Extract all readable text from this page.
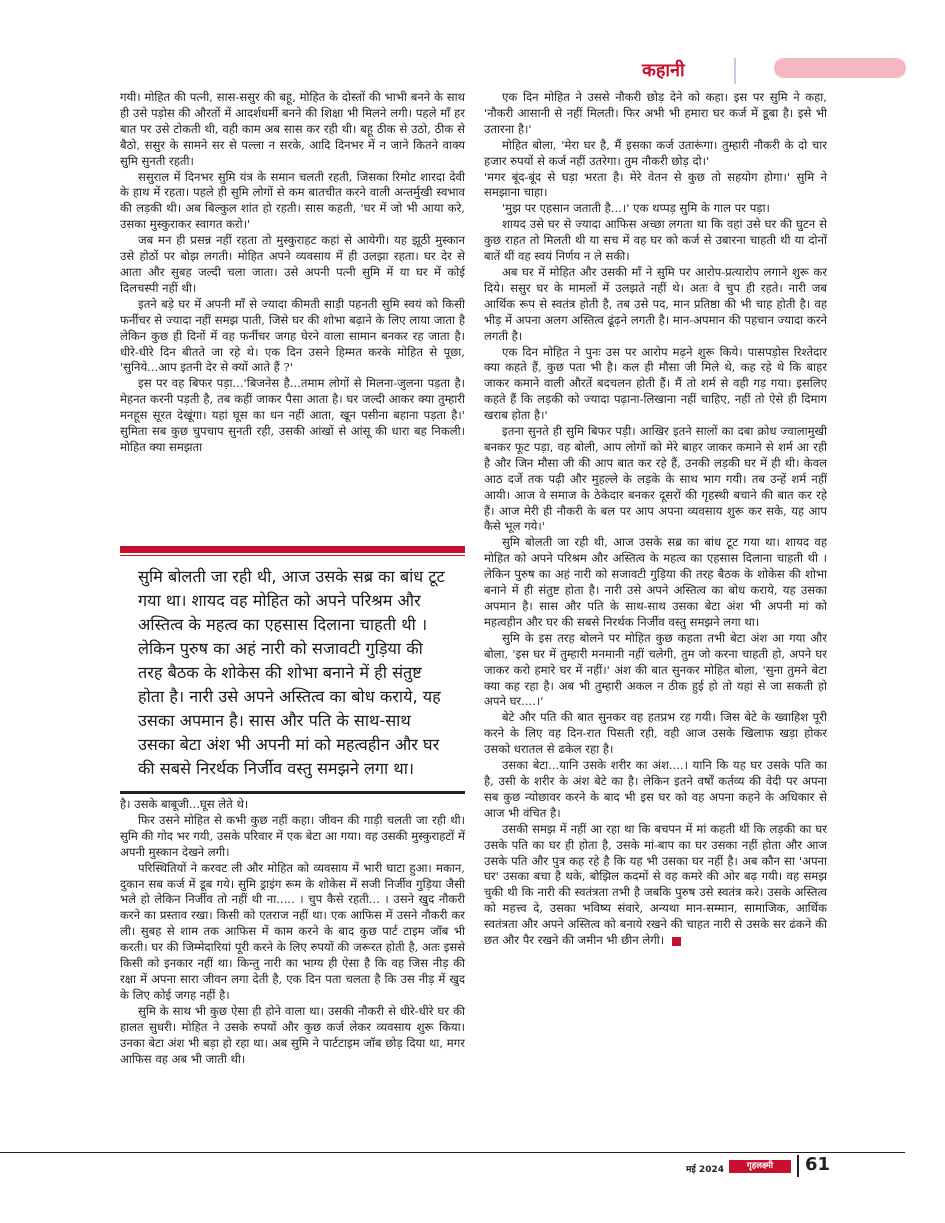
कहानी

गयी। मोहित की पत्नी, सास-ससुर की बहू, मोहित के दोस्तों की भाभी बनने के साथ ही उसे पड़ोस की औरतों में आदर्शधर्मी बनने की शिक्षा भी मिलने लगी। पहले माँ हर बात पर उसे टोकती थी, वही काम अब सास कर रही थी। बहू ठीक से उठो, ठीक से बैठो, ससुर के सामने सर से पल्ला न सरके, आदि दिनभर में न जाने कितने वाक्य सुमि सुनती रहती।

ससुराल में दिनभर सुमि यंत्र के समान चलती रहती, जिसका रिमोट शारदा देवी के हाथ में रहता। पहले ही सुमि लोगों से कम बातचीत करने वाली अन्तर्मुखी स्वभाव की लड़की थी। अब बिल्कुल शांत हो रहती। सास कहती, 'घर में जो भी आया करे, उसका मुस्कुराकर स्वागत करो।'

जब मन ही प्रसन्न नहीं रहता तो मुस्कुराहट कहां से आयेगी। यह झूठी मुस्कान उसे होठों पर बोझ लगती। मोहित अपने व्यवसाय में ही उलझा रहता। घर देर से आता और सुबह जल्दी चला जाता। उसे अपनी पत्नी सुमि में या घर में कोई दिलचस्पी नहीं थी।

इतने बड़े घर में अपनी माँ से ज्यादा कीमती साड़ी पहनती सुमि स्वयं को किसी फर्नीचर से ज्यादा नहीं समझ पाती, जिसे घर की शोभा बढ़ाने के लिए लाया जाता है लेकिन कुछ ही दिनों में वह फर्नीचर जगह घेरने वाला सामान बनकर रह जाता है। धीरे-धीरे दिन बीतते जा रहे थे। एक दिन उसने हिम्मत करके मोहित से पूछा, 'सुनिये...आप इतनी देर से क्यों आते हैं ?'

इस पर वह बिफर पड़ा...'बिजनेस है...तमाम लोगों से मिलना-जुलना पड़ता है। मेहनत करनी पड़ती है, तब कहीं जाकर पैसा आता है। घर जल्दी आकर क्या तुम्हारी मनहूस सूरत देखूंगा। यहां घूस का धन नहीं आता, खून पसीना बहाना पड़ता है।' सुमिता सब कुछ चुपचाप सुनती रही, उसकी आंखों से आंसू की धारा बह निकली। मोहित क्या समझता

सुमि बोलती जा रही थी, आज उसके सब्र का बांध टूट गया था। शायद वह मोहित को अपने परिश्रम और अस्तित्व के महत्व का एहसास दिलाना चाहती थी । लेकिन पुरुष का अहं नारी को सजावटी गुड़िया की तरह बैठक के शोकेस की शोभा बनाने में ही संतुष्ट होता है। नारी उसे अपने अस्तित्व का बोध कराये, यह उसका अपमान है। सास और पति के साथ-साथ उसका बेटा अंश भी अपनी मां को महत्वहीन और घर की सबसे निरर्थक निर्जीव वस्तु समझने लगा था।

है। उसके बाबूजी...घूस लेते थे।

फिर उसने मोहित से कभी कुछ नहीं कहा। जीवन की गाड़ी चलती जा रही थी। सुमि की गोद भर गयी, उसके परिवार में एक बेटा आ गया। वह उसकी मुस्कुराहटों में अपनी मुस्कान देखने लगी।

परिस्थितियों ने करवट ली और मोहित को व्यवसाय में भारी घाटा हुआ। मकान, दुकान सब कर्ज में डूब गये। सुमि ड्राइंग रूम के शोकेस में सजी निर्जीव गुड़िया जैसी भले हो लेकिन निर्जीव तो नहीं थी ना..... । चुप कैसे रहती... । उसने खुद नौकरी करने का प्रस्ताव रखा। किसी को एतराज नहीं था। एक आफिस में उसने नौकरी कर ली। सुबह से शाम तक आफिस में काम करने के बाद कुछ पार्ट टाइम जॉब भी करती। घर की जिम्मेदारियां पूरी करने के लिए रुपयों की जरूरत होती है, अतः इससे किसी को इनकार नहीं था। किन्तु नारी का भाग्य ही ऐसा है कि वह जिस नीड़ की रक्षा में अपना सारा जीवन लगा देती है, एक दिन पता चलता है कि उस नीड़ में खुद के लिए कोई जगह नहीं है।

सुमि के साथ भी कुछ ऐसा ही होने वाला था। उसकी नौकरी से धीरे-धीरे घर की हालत सुधरी। मोहित ने उसके रुपयों और कुछ कर्ज लेकर व्यवसाय शुरू किया। उनका बेटा अंश भी बड़ा हो रहा था। अब सुमि ने पार्टटाइम जॉब छोड़ दिया था, मगर आफिस वह अब भी जाती थी।

एक दिन मोहित ने उससे नौकरी छोड़ देने को कहा। इस पर सुमि ने कहा, 'नौकरी आसानी से नहीं मिलती। फिर अभी भी हमारा घर कर्ज में डूबा है। इसे भी उतारना है।'

मोहित बोला, 'मेरा घर है, मैं इसका कर्ज उतारूंगा। तुम्हारी नौकरी के दो चार हजार रुपयों से कर्ज नहीं उतरेगा। तुम नौकरी छोड़ दो।'

'मगर बूंद-बूंद से घड़ा भरता है। मेरे वेतन से कुछ तो सहयोग होगा।' सुमि ने समझाना चाहा।

'मुझ पर एहसान जताती है...।' एक थप्पड़ सुमि के गाल पर पड़ा।

शायद उसे घर से ज्यादा आफिस अच्छा लगता था कि वहां उसे घर की घुटन से कुछ राहत तो मिलती थी या सच में वह घर को कर्ज से उबारना चाहती थी या दोनों बातें थीं वह स्वयं निर्णय न ले सकी।

अब घर में मोहित और उसकी माँ ने सुमि पर आरोप-प्रत्यारोप लगाने शुरू कर दिये। ससुर घर के मामलों में उलझते नहीं थे। अतः वे चुप ही रहते। नारी जब आर्थिक रूप से स्वतंत्र होती है, तब उसे पद, मान प्रतिष्ठा की भी चाह होती है। वह भीड़ में अपना अलग अस्तित्व ढूंढ़ने लगती है। मान-अपमान की पहचान ज्यादा करने लगती है।

एक दिन मोहित ने पुनः उस पर आरोप मढ़ने शुरू किये। पासपड़ोस रिश्तेदार क्या कहते हैं, कुछ पता भी है। कल ही मौसा जी मिले थे, कह रहे थे कि बाहर जाकर कमाने वाली औरतें बदचलन होती हैं। मैं तो शर्म से वही गड़ गया। इसलिए कहते हैं कि लड़की को ज्यादा पढ़ाना-लिखाना नहीं चाहिए, नहीं तो ऐसे ही दिमाग खराब होता है।'

इतना सुनते ही सुमि बिफर पड़ी। आखिर इतने सालों का दबा क्रोध ज्वालामुखी बनकर फूट पड़ा, वह बोली, आप लोगों को मेरे बाहर जाकर कमाने से शर्म आ रही है और जिन मौसा जी की आप बात कर रहे हैं, उनकी लड़की घर में ही थी। केवल आठ दर्जे तक पढ़ी और मुहल्ले के लड़के के साथ भाग गयी। तब उन्हें शर्म नहीं आयी। आज वे समाज के ठेकेदार बनकर दूसरों की गृहस्थी बचाने की बात कर रहे हैं। आज मेरी ही नौकरी के बल पर आप अपना व्यवसाय शुरू कर सके, यह आप कैसे भूल गये।'

सुमि बोलती जा रही थी, आज उसके सब्र का बांध टूट गया था। शायद वह मोहित को अपने परिश्रम और अस्तित्व के महत्व का एहसास दिलाना चाहती थी । लेकिन पुरुष का अहं नारी को सजावटी गुड़िया की तरह बैठक के शोकेस की शोभा बनाने में ही संतुष्ट होता है। नारी उसे अपने अस्तित्व का बोध कराये, यह उसका अपमान है। सास और पति के साथ-साथ उसका बेटा अंश भी अपनी मां को महत्वहीन और घर की सबसे निरर्थक निर्जीव वस्तु समझने लगा था।

सुमि के इस तरह बोलने पर मोहित कुछ कहता तभी बेटा अंश आ गया और बोला, 'इस घर में तुम्हारी मनमानी नहीं चलेगी, तुम जो करना चाहती हो, अपने घर जाकर करो हमारे घर में नहीं।' अंश की बात सुनकर मोहित बोला, 'सुना तुमने बेटा क्या कह रहा है। अब भी तुम्हारी अकल न ठीक हुई हो तो यहां से जा सकती हो अपने घर....।'

बेटे और पति की बात सुनकर वह हतप्रभ रह गयी। जिस बेटे के ख्वाहिश पूरी करने के लिए वह दिन-रात पिसती रही, वही आज उसके खिलाफ खड़ा होकर उसको धरातल से ढकेल रहा है।

उसका बेटा...यानि उसके शरीर का अंश....। यानि कि यह घर उसके पति का है, उसी के शरीर के अंश बेटे का है। लेकिन इतने वर्षों कर्तव्य की वेदी पर अपना सब कुछ न्योछावर करने के बाद भी इस घर को वह अपना कहने के अधिकार से आज भी वंचित है।

उसकी समझ में नहीं आ रहा था कि बचपन में मां कहती थीं कि लड़की का घर उसके पति का घर ही होता है, उसके मां-बाप का घर उसका नहीं होता और आज उसके पति और पुत्र कह रहे है कि यह भी उसका घर नहीं है। अब कौन सा 'अपना घर' उसका बचा है थके, बोझिल कदमों से वह कमरे की ओर बढ़ गयी। वह समझ चुकी थी कि नारी की स्वतंत्रता तभी है जबकि पुरुष उसे स्वतंत्र करे। उसके अस्तित्व को महत्त्व दे, उसका भविष्य संवारे, अन्यथा मान-सम्मान, सामाजिक, आर्थिक स्वतंत्रता और अपने अस्तित्व को बनाये रखने की चाहत नारी से उसके सर ढंकने की छत और पैर रखने की जमीन भी छीन लेगी।

मई 2024	गृहलक्ष्मी	61
